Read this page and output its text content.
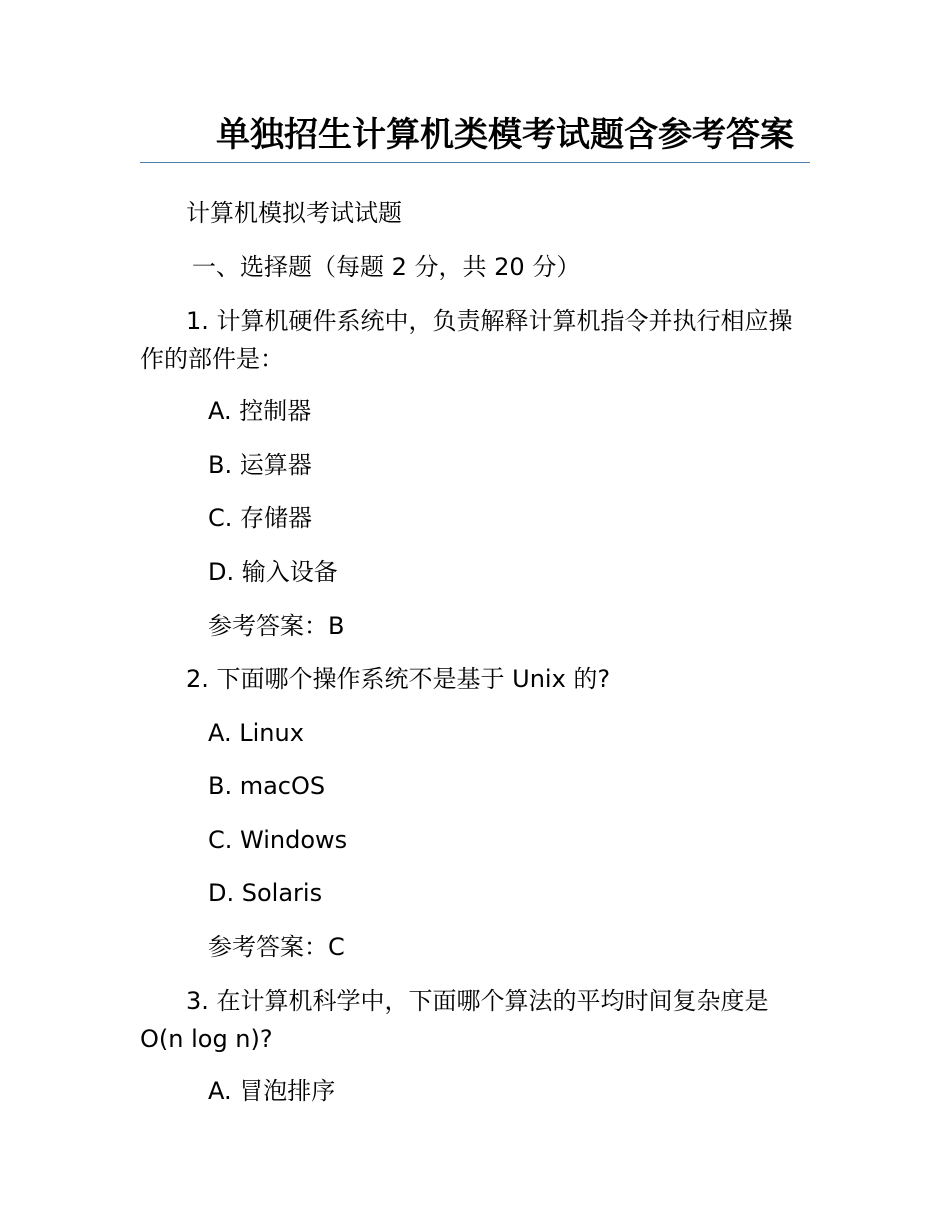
单独招生计算机类模考试题含参考答案
计算机模拟考试试题
一、选择题（每题 2 分，共 20 分）
1. 计算机硬件系统中，负责解释计算机指令并执行相应操作的部件是：
A. 控制器
B. 运算器
C. 存储器
D. 输入设备
参考答案：B
2. 下面哪个操作系统不是基于 Unix 的?
A. Linux
B. macOS
C. Windows
D. Solaris
参考答案：C
3. 在计算机科学中，下面哪个算法的平均时间复杂度是 O(n log n)?
A. 冒泡排序
